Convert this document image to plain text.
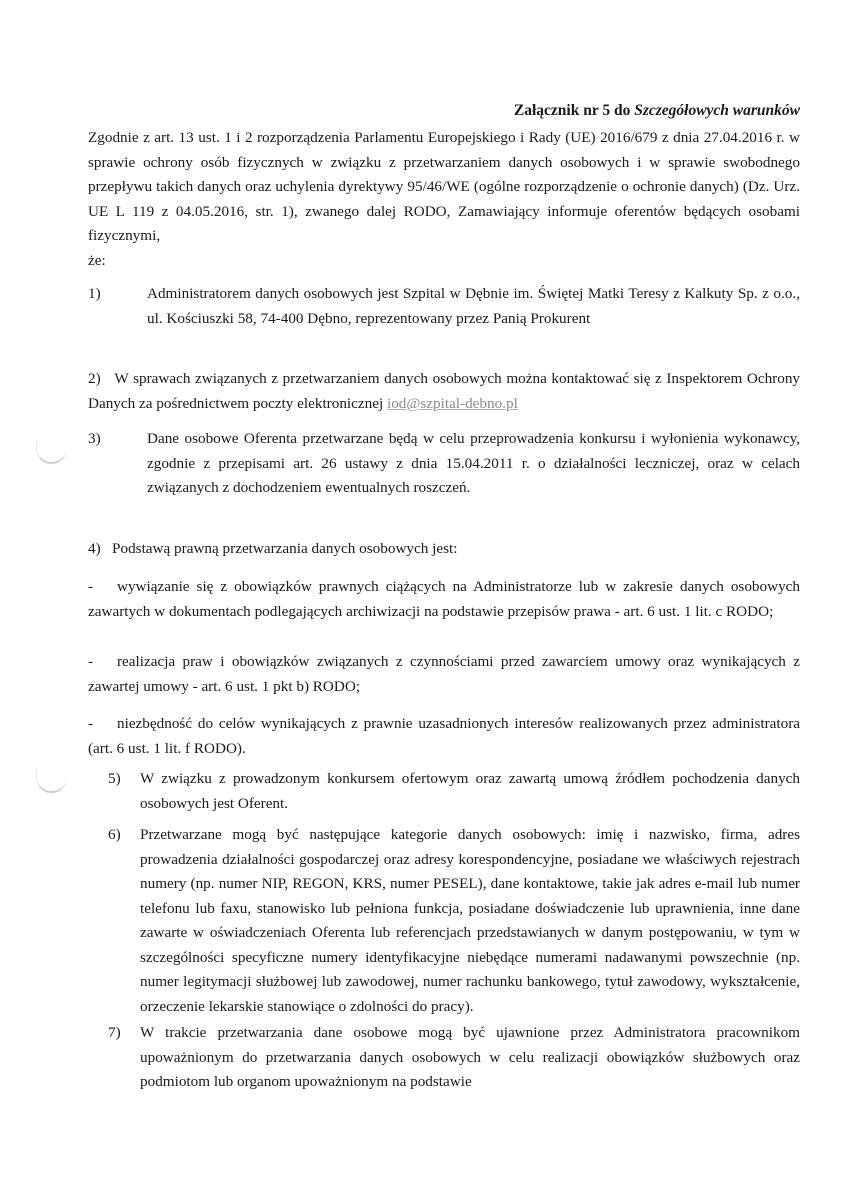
Załącznik nr 5 do Szczegółowych warunków

Zgodnie z art. 13 ust. 1 i 2 rozporządzenia Parlamentu Europejskiego i Rady (UE) 2016/679 z dnia 27.04.2016 r. w sprawie ochrony osób fizycznych w związku z przetwarzaniem danych osobowych i w sprawie swobodnego przepływu takich danych oraz uchylenia dyrektywy 95/46/WE (ogólne rozporządzenie o ochronie danych) (Dz. Urz. UE L 119 z 04.05.2016, str. 1), zwanego dalej RODO, Zamawiający informuje oferentów będących osobami fizycznymi,

że:

1)	Administratorem danych osobowych jest Szpital w Dębnie im. Świętej Matki Teresy z Kalkuty Sp. z o.o., ul. Kościuszki 58, 74-400 Dębno, reprezentowany przez Panią Prokurent
2) W sprawach związanych z przetwarzaniem danych osobowych można kontaktować się z Inspektorem Ochrony Danych za pośrednictwem poczty elektronicznej iod@szpital-debno.pl
3)	Dane osobowe Oferenta przetwarzane będą w celu przeprowadzenia konkursu i wyłonienia wykonawcy, zgodnie z przepisami art. 26 ustawy z dnia 15.04.2011 r. o działalności leczniczej, oraz w celach związanych z dochodzeniem ewentualnych roszczeń.
4) Podstawą prawną przetwarzania danych osobowych jest:
- wywiązanie się z obowiązków prawnych ciążących na Administratorze lub w zakresie danych osobowych zawartych w dokumentach podlegających archiwizacji na podstawie przepisów prawa - art. 6 ust. 1 lit. c RODO;
- realizacja praw i obowiązków związanych z czynnościami przed zawarciem umowy oraz wynikających z zawartej umowy - art. 6 ust. 1 pkt b) RODO;
- niezbędność do celów wynikających z prawnie uzasadnionych interesów realizowanych przez administratora (art. 6 ust. 1 lit. f RODO).
5) W związku z prowadzonym konkursem ofertowym oraz zawartą umową źródłem pochodzenia danych osobowych jest Oferent.
6) Przetwarzane mogą być następujące kategorie danych osobowych: imię i nazwisko, firma, adres prowadzenia działalności gospodarczej oraz adresy korespondencyjne, posiadane we właściwych rejestrach numery (np. numer NIP, REGON, KRS, numer PESEL), dane kontaktowe, takie jak adres e-mail lub numer telefonu lub faxu, stanowisko lub pełniona funkcja, posiadane doświadczenie lub uprawnienia, inne dane zawarte w oświadczeniach Oferenta lub referencjach przedstawianych w danym postępowaniu, w tym w szczególności specyficzne numery identyfikacyjne niebędące numerami nadawanymi powszechnie (np. numer legitymacji służbowej lub zawodowej, numer rachunku bankowego, tytuł zawodowy, wykształcenie, orzeczenie lekarskie stanowiące o zdolności do pracy).
7) W trakcie przetwarzania dane osobowe mogą być ujawnione przez Administratora pracownikom upoważnionym do przetwarzania danych osobowych w celu realizacji obowiązków służbowych oraz podmiotom lub organom upoważnionym na podstawie
